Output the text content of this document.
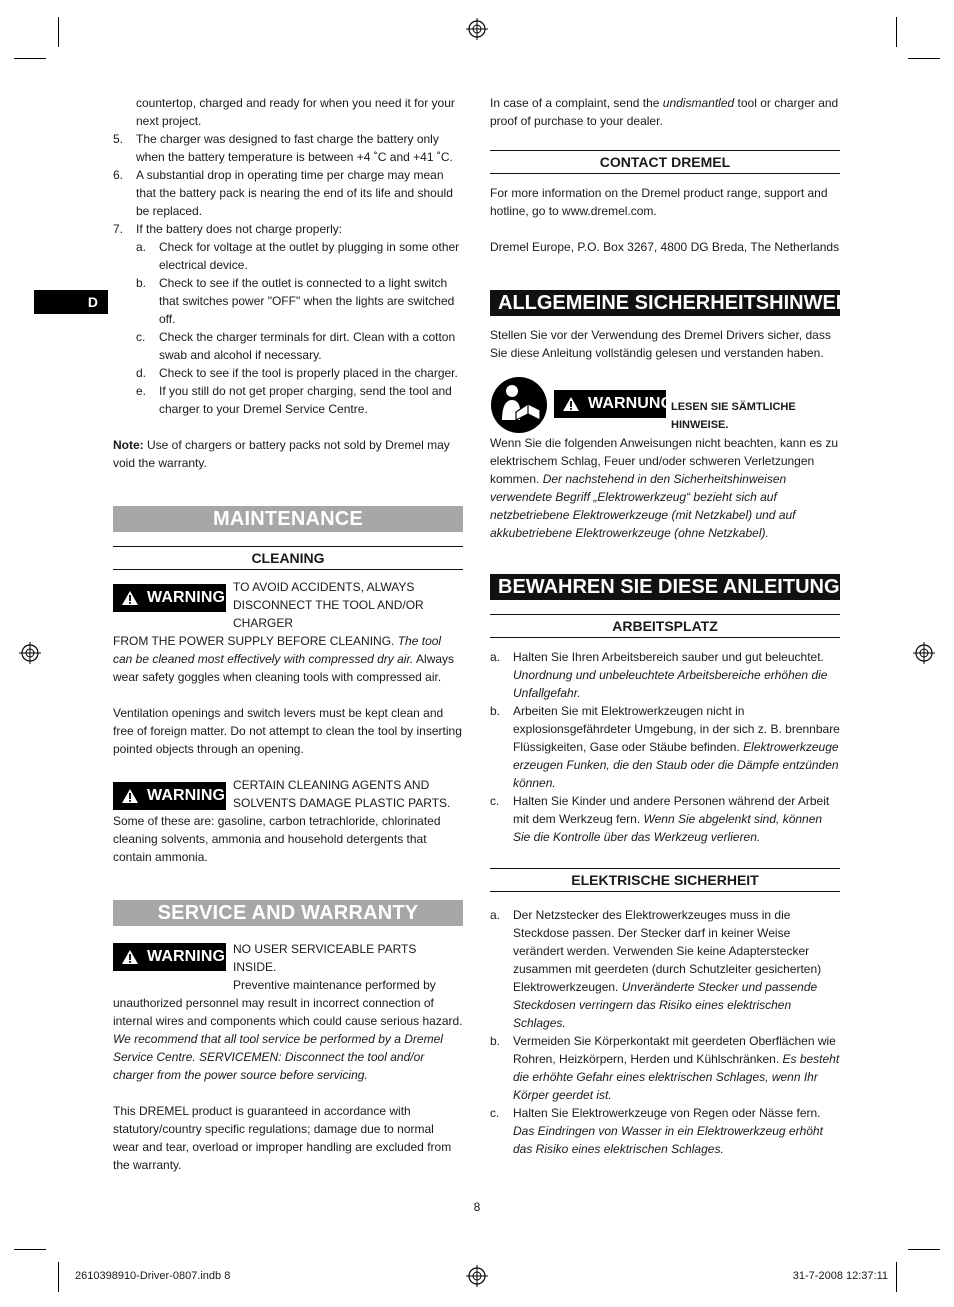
D

countertop, charged and ready for when you need it for your next project.

5. The charger was designed to fast charge the battery only when the battery temperature is between +4 ˚C and +41 ˚C.
6. A substantial drop in operating time per charge may mean that the battery pack is nearing the end of its life and should be replaced.
7. If the battery does not charge properly:
a. Check for voltage at the outlet by plugging in some other electrical device.
b. Check to see if the outlet is connected to a light switch that switches power "OFF" when the lights are switched off.
c. Check the charger terminals for dirt. Clean with a cotton swab and alcohol if necessary.
d. Check to see if the tool is properly placed in the charger.
e. If you still do not get proper charging, send the tool and charger to your Dremel Service Centre.

Note: Use of chargers or battery packs not sold by Dremel may void the warranty.

MAINTENANCE
CLEANING
WARNING

TO AVOID ACCIDENTS, ALWAYS

DISCONNECT THE TOOL AND/OR CHARGER

FROM THE POWER SUPPLY BEFORE CLEANING. The tool can be cleaned most effectively with compressed dry air. Always wear safety goggles when cleaning tools with compressed air.

Ventilation openings and switch levers must be kept clean and free of foreign matter. Do not attempt to clean the tool by inserting pointed objects through an opening.

WARNING

CERTAIN CLEANING AGENTS AND

SOLVENTS DAMAGE PLASTIC PARTS.

Some of these are: gasoline, carbon tetrachloride, chlorinated cleaning solvents, ammonia and household detergents that contain ammonia.

SERVICE AND WARRANTY
WARNING NO USER SERVICEABLE PARTS INSIDE.

Preventive maintenance performed by

unauthorized personnel may result in incorrect connection of internal wires and components which could cause serious hazard. We recommend that all tool service be performed by a Dremel Service Centre. SERVICEMEN: Disconnect the tool and/or charger from the power source before servicing.

This DREMEL product is guaranteed in accordance with statutory/country specific regulations; damage due to normal wear and tear, overload or improper handling are excluded from the warranty.

In case of a complaint, send the undismantled tool or charger and proof of purchase to your dealer.

CONTACT DREMEL

For more information on the Dremel product range, support and hotline, go to www.dremel.com.

Dremel Europe, P.O. Box 3267, 4800 DG Breda, The Netherlands

ALLGEMEINE SICHERHEITSHINWEISE

Stellen Sie vor der Verwendung des Dremel Drivers sicher, dass Sie diese Anleitung vollständig gelesen und verstanden haben.

WARNUNG
LESEN SIE SÄMTLICHE
HINWEISE.

Wenn Sie die folgenden Anweisungen nicht beachten, kann es zu elektrischem Schlag, Feuer und/oder schweren Verletzungen kommen. Der nachstehend in den Sicherheitshinweisen verwendete Begriff „Elektrowerkzeug“ bezieht sich auf netzbetriebene Elektrowerkzeuge (mit Netzkabel) und auf akkubetriebene Elektrowerkzeuge (ohne Netzkabel).

BEWAHREN SIE DIESE ANLEITUNG AUF
ARBEITSPLATZ
a. Halten Sie Ihren Arbeitsbereich sauber und gut beleuchtet. Unordnung und unbeleuchtete Arbeitsbereiche erhöhen die Unfallgefahr.
b. Arbeiten Sie mit Elektrowerkzeugen nicht in explosionsgefährdeter Umgebung, in der sich z. B. brennbare Flüssigkeiten, Gase oder Stäube befinden. Elektrowerkzeuge erzeugen Funken, die den Staub oder die Dämpfe entzünden können.
c. Halten Sie Kinder und andere Personen während der Arbeit mit dem Werkzeug fern. Wenn Sie abgelenkt sind, können Sie die Kontrolle über das Werkzeug verlieren.
ELEKTRISCHE SICHERHEIT
a. Der Netzstecker des Elektrowerkzeuges muss in die Steckdose passen. Der Stecker darf in keiner Weise verändert werden. Verwenden Sie keine Adapterstecker zusammen mit geerdeten (durch Schutzleiter gesicherten) Elektrowerkzeugen. Unveränderte Stecker und passende Steckdosen verringern das Risiko eines elektrischen Schlages.
b. Vermeiden Sie Körperkontakt mit geerdeten Oberflächen wie Rohren, Heizkörpern, Herden und Kühlschränken. Es besteht die erhöhte Gefahr eines elektrischen Schlages, wenn Ihr Körper geerdet ist.
c. Halten Sie Elektrowerkzeuge von Regen oder Nässe fern. Das Eindringen von Wasser in ein Elektrowerkzeug erhöht das Risiko eines elektrischen Schlages.
8
2610398910-Driver-0807.indb 8	31-7-2008 12:37:11
